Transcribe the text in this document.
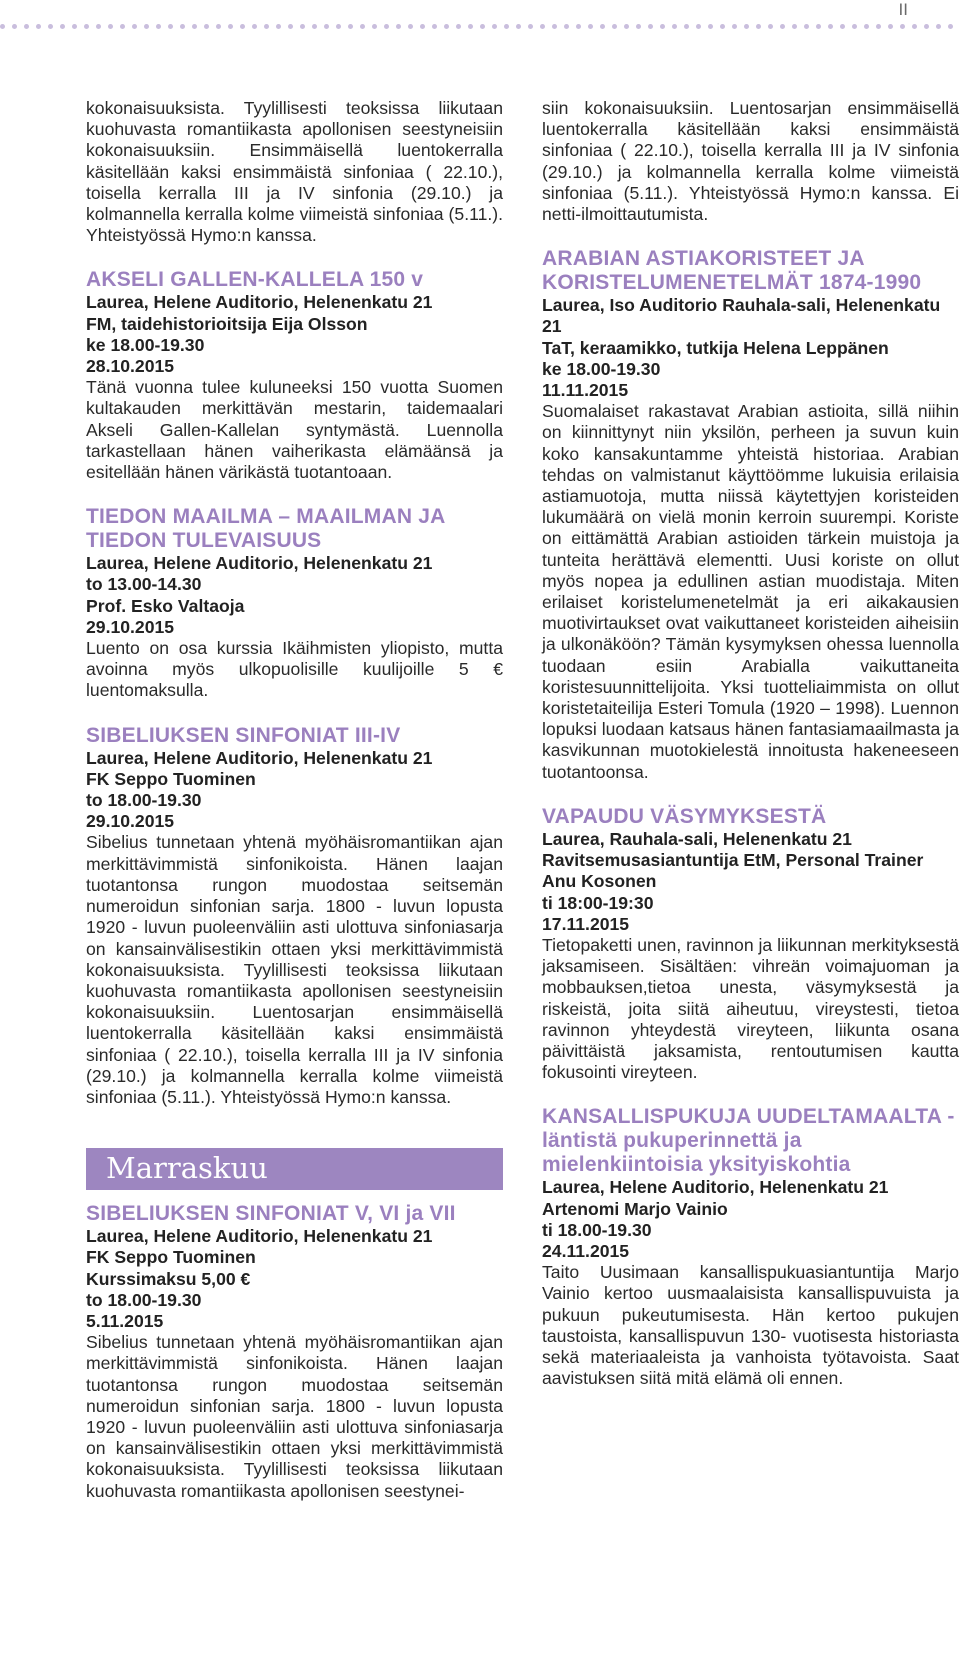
II

kokonaisuuksista. Tyylillisesti teoksissa liikutaan kuohuvasta romantiikasta apollonisen seestyneisiin kokonaisuuksiin. Ensimmäisellä luentokerralla käsitellään kaksi ensimmäistä sinfoniaa ( 22.10.), toisella kerralla III ja IV sinfonia (29.10.) ja kolmannella kerralla kolme viimeistä sinfoniaa (5.11.). Yhteistyössä Hymo:n kanssa.

AKSELI GALLEN-KALLELA 150 v
Laurea, Helene Auditorio, Helenenkatu 21
FM, taidehistorioitsija Eija Olsson
ke 18.00-19.30
28.10.2015

Tänä vuonna tulee kuluneeksi 150 vuotta Suomen kultakauden merkittävän mestarin, taidemaalari Akseli Gallen-Kallelan syntymästä. Luennolla tarkastellaan hänen vaiherikasta elämäänsä ja esitellään hänen värikästä tuotantoaan.

TIEDON MAAILMA – MAAILMAN JA TIEDON TULEVAISUUS
Laurea, Helene Auditorio, Helenenkatu 21
to 13.00-14.30
Prof. Esko Valtaoja
29.10.2015

Luento on osa kurssia Ikäihmisten yliopisto, mutta avoinna myös ulkopuolisille kuulijoille 5 € luentomaksulla.

SIBELIUKSEN SINFONIAT III-IV
Laurea, Helene Auditorio, Helenenkatu 21
FK Seppo Tuominen
to 18.00-19.30
29.10.2015

Sibelius tunnetaan yhtenä myöhäisromantiikan ajan merkittävimmistä sinfonikoista. Hänen laajan tuotantonsa rungon muodostaa seitsemän numeroidun sinfonian sarja. 1800 - luvun lopusta 1920 - luvun puoleenväliin asti ulottuva sinfoniasarja on kansainvälisestikin ottaen yksi merkittävimmistä kokonaisuuksista. Tyylillisesti teoksissa liikutaan kuohuvasta romantiikasta apollonisen seestyneisiin kokonaisuuksiin. Luentosarjan ensimmäisellä luentokerralla käsitellään kaksi ensimmäistä sinfoniaa ( 22.10.), toisella kerralla III ja IV sinfonia (29.10.) ja kolmannella kerralla kolme viimeistä sinfoniaa (5.11.). Yhteistyössä Hymo:n kanssa.

Marraskuu
SIBELIUKSEN SINFONIAT V, VI ja VII
Laurea, Helene Auditorio, Helenenkatu 21
FK Seppo Tuominen
Kurssimaksu 5,00 €
to 18.00-19.30
5.11.2015

Sibelius tunnetaan yhtenä myöhäisromantiikan ajan merkittävimmistä sinfonikoista. Hänen laajan tuotantonsa rungon muodostaa seitsemän numeroidun sinfonian sarja. 1800 - luvun lopusta 1920 - luvun puoleenväliin asti ulottuva sinfoniasarja on kansainvälisestikin ottaen yksi merkittävimmistä kokonaisuuksista. Tyylillisesti teoksissa liikutaan kuohuvasta romantiikasta apollonisen seestynei-

siin kokonaisuuksiin. Luentosarjan ensimmäisellä luentokerralla käsitellään kaksi ensimmäistä sinfoniaa ( 22.10.), toisella kerralla III ja IV sinfonia (29.10.) ja kolmannella kerralla kolme viimeistä sinfoniaa (5.11.). Yhteistyössä Hymo:n kanssa. Ei netti-ilmoittautumista.

ARABIAN ASTIAKORISTEET JA KORISTELUMENETELMÄT 1874-1990
Laurea, Iso Auditorio Rauhala-sali, Helenenkatu 21
TaT, keraamikko, tutkija Helena Leppänen
ke 18.00-19.30
11.11.2015

Suomalaiset rakastavat Arabian astioita, sillä niihin on kiinnittynyt niin yksilön, perheen ja suvun kuin koko kansakuntamme yhteistä historiaa. Arabian tehdas on valmistanut käyttöömme lukuisia erilaisia astiamuotoja, mutta niissä käytettyjen koristeiden lukumäärä on vielä monin kerroin suurempi. Koriste on eittämättä Arabian astioiden tärkein muistoja ja tunteita herättävä elementti. Uusi koriste on ollut myös nopea ja edullinen astian muodistaja. Miten erilaiset koristelumenetelmät ja eri aikakausien muotivirtaukset ovat vaikuttaneet koristeiden aiheisiin ja ulkonäköön? Tämän kysymyksen ohessa luennolla tuodaan esiin Arabialla vaikuttaneita koristesuunnittelijoita. Yksi tuotteliaimmista on ollut koristetaiteilija Esteri Tomula (1920 – 1998). Luennon lopuksi luodaan katsaus hänen fantasiamaailmasta ja kasvikunnan muotokielestä innoitusta hakeneeseen tuotantoonsa.

VAPAUDU VÄSYMYKSESTÄ
Laurea, Rauhala-sali, Helenenkatu 21
Ravitsemusasiantuntija EtM, Personal Trainer Anu Kosonen
ti 18:00-19:30
17.11.2015

Tietopaketti unen, ravinnon ja liikunnan merkityksestä jaksamiseen. Sisältäen: vihreän voimajuoman ja mobbauksen,tietoa unesta, väsymyksestä ja riskeistä, joita siitä aiheutuu, vireystesti, tietoa ravinnon yhteydestä vireyteen, liikunta osana päivittäistä jaksamista, rentoutumisen kautta fokusointi vireyteen.

KANSALLISPUKUJA UUDELTAMAALTA -läntistä pukuperinnettä ja mielenkiintoisia yksityiskohtia
Laurea, Helene Auditorio, Helenenkatu 21
Artenomi Marjo Vainio
ti 18.00-19.30
24.11.2015

Taito Uusimaan kansallispukuasiantuntija Marjo Vainio kertoo uusmaalaisista kansallispuvuista ja pukuun pukeutumisesta. Hän kertoo pukujen taustoista, kansallispuvun 130- vuotisesta historiasta sekä materiaaleista ja vanhoista työtavoista. Saat aavistuksen siitä mitä elämä oli ennen.
